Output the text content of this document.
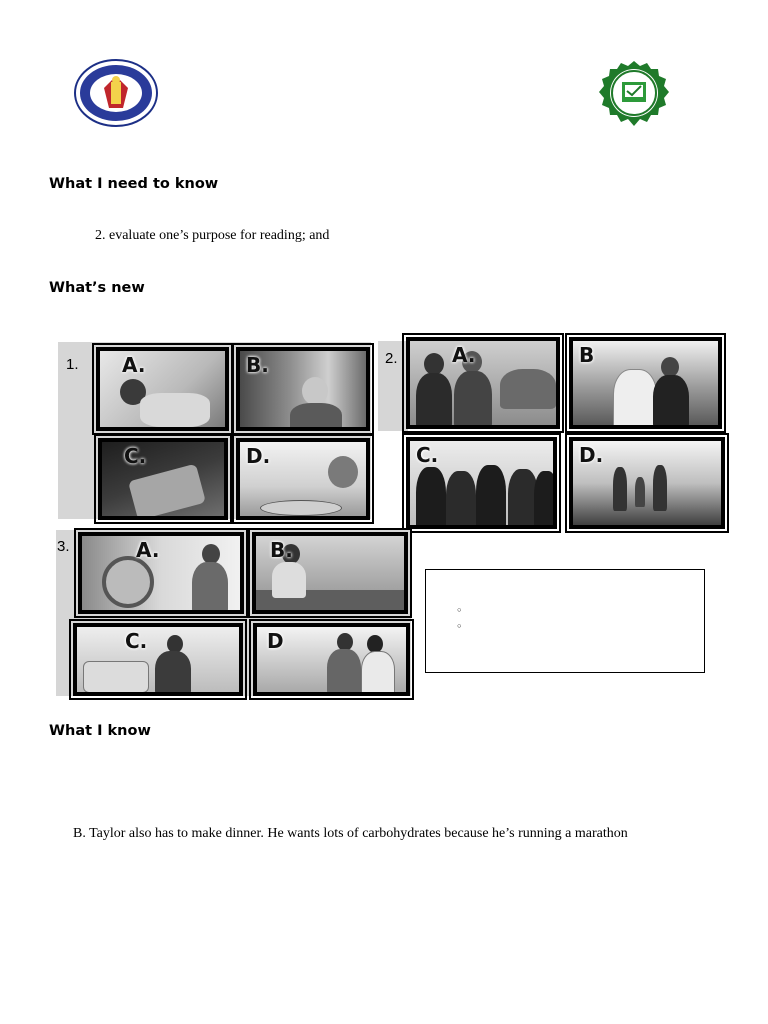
What I need to know
2. evaluate one’s purpose for reading; and
What’s new
1. A.	B.
C.	D.
2.	A.	B
C.	D.
3.	A.	B.
C.	D
◦
◦
What I know
B. Taylor also has to make dinner. He wants lots of carbohydrates because he’s running a marathon
